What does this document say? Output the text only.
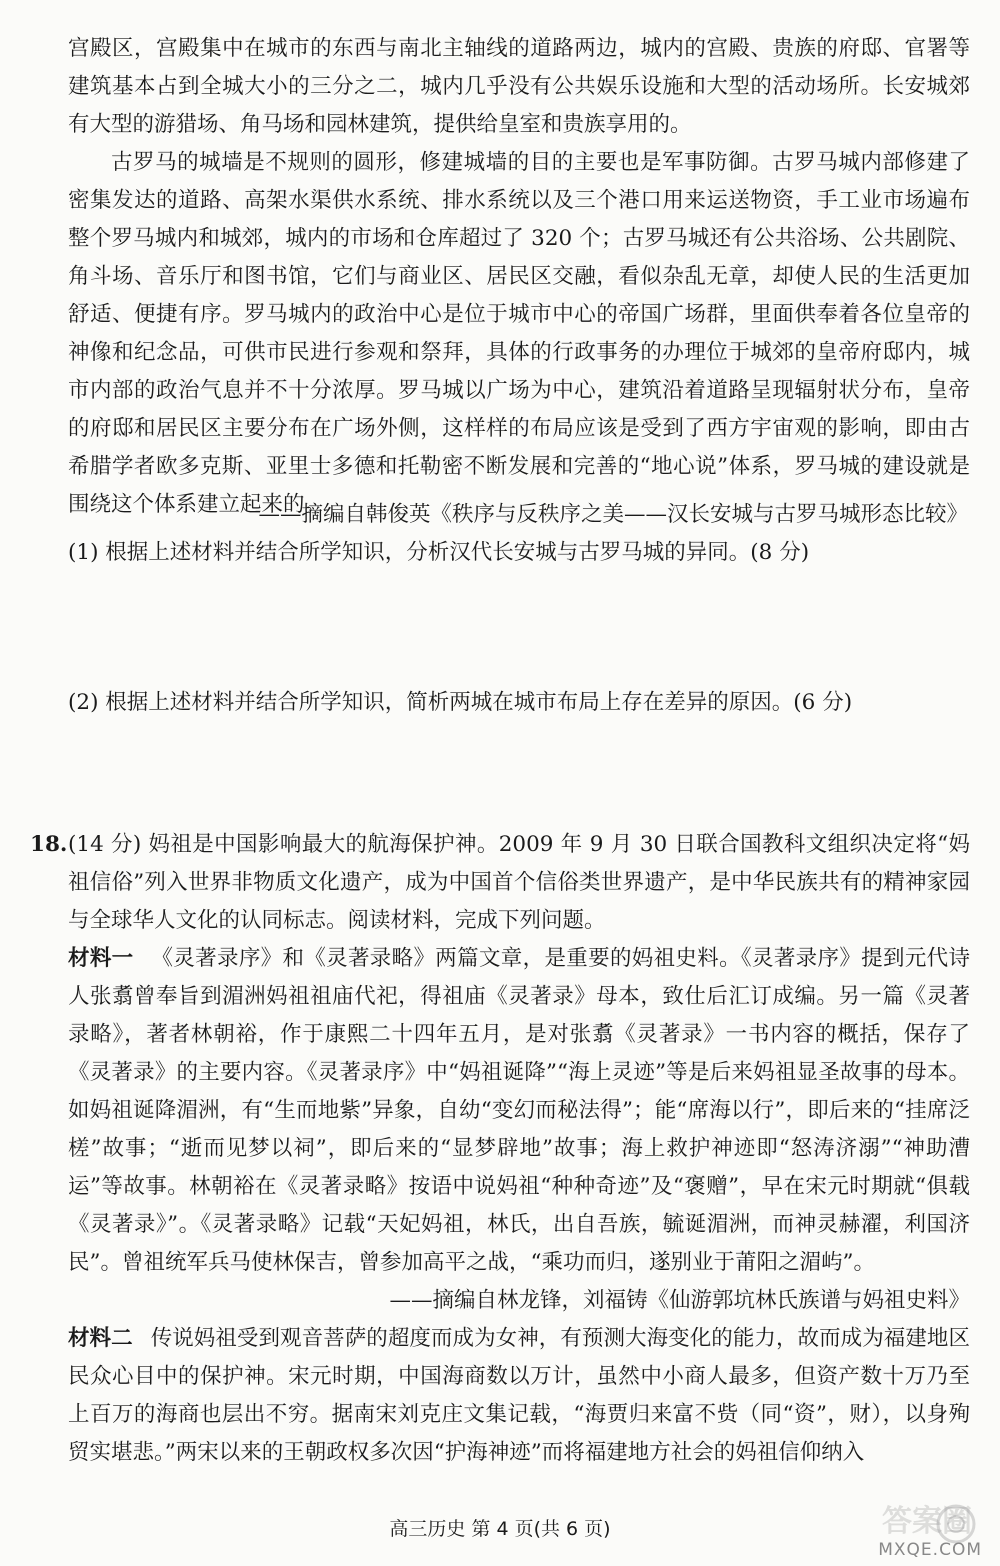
宫殿区，宫殿集中在城市的东西与南北主轴线的道路两边，城内的宫殿、贵族的府邸、官署等建筑基本占到全城大小的三分之二，城内几乎没有公共娱乐设施和大型的活动场所。长安城郊有大型的游猎场、角马场和园林建筑，提供给皇室和贵族享用的。
古罗马的城墙是不规则的圆形，修建城墙的目的主要也是军事防御。古罗马城内部修建了密集发达的道路、高架水渠供水系统、排水系统以及三个港口用来运送物资，手工业市场遍布整个罗马城内和城郊，城内的市场和仓库超过了 320 个；古罗马城还有公共浴场、公共剧院、角斗场、音乐厅和图书馆，它们与商业区、居民区交融，看似杂乱无章，却使人民的生活更加舒适、便捷有序。罗马城内的政治中心是位于城市中心的帝国广场群，里面供奉着各位皇帝的神像和纪念品，可供市民进行参观和祭拜，具体的行政事务的办理位于城郊的皇帝府邸内，城市内部的政治气息并不十分浓厚。罗马城以广场为中心，建筑沿着道路呈现辐射状分布，皇帝的府邸和居民区主要分布在广场外侧，这样样的布局应该是受到了西方宇宙观的影响，即由古希腊学者欧多克斯、亚里士多德和托勒密不断发展和完善的“地心说”体系，罗马城的建设就是围绕这个体系建立起来的。
——摘编自韩俊英《秩序与反秩序之美——汉长安城与古罗马城形态比较》
(1) 根据上述材料并结合所学知识，分析汉代长安城与古罗马城的异同。(8 分)
(2) 根据上述材料并结合所学知识，简析两城在城市布局上存在差异的原因。(6 分)
18. (14 分) 妈祖是中国影响最大的航海保护神。2009 年 9 月 30 日联合国教科文组织决定将“妈祖信俗”列入世界非物质文化遗产，成为中国首个信俗类世界遗产，是中华民族共有的精神家园与全球华人文化的认同标志。阅读材料，完成下列问题。
材料一 《灵著录序》和《灵著录略》两篇文章，是重要的妈祖史料。《灵著录序》提到元代诗人张翥曾奉旨到湄洲妈祖祖庙代祀，得祖庙《灵著录》母本，致仕后汇订成编。另一篇《灵著录略》，著者林朝裕，作于康熙二十四年五月，是对张翥《灵著录》一书内容的概括，保存了《灵著录》的主要内容。《灵著录序》中“妈祖诞降”“海上灵迹”等是后来妈祖显圣故事的母本。如妈祖诞降湄洲，有“生而地紫”异象，自幼“变幻而秘法得”；能“席海以行”，即后来的“挂席泛槎”故事；“逝而见梦以祠”，即后来的“显梦辟地”故事；海上救护神迹即“怒涛济溺”“神助漕运”等故事。林朝裕在《灵著录略》按语中说妈祖“种种奇迹”及“褒赠”，早在宋元时期就“俱载《灵著录》”。《灵著录略》记载“天妃妈祖，林氏，出自吾族，毓诞湄洲，而神灵赫濯，利国济民”。曾祖统军兵马使林保吉，曾参加高平之战，“乘功而归，遂别业于莆阳之湄屿”。
——摘编自林龙锋，刘福铸《仙游郭坑林氏族谱与妈祖史料》
材料二 传说妈祖受到观音菩萨的超度而成为女神，有预测大海变化的能力，故而成为福建地区民众心目中的保护神。宋元时期，中国海商数以万计，虽然中小商人最多，但资产数十万乃至上百万的海商也层出不穷。据南宋刘克庄文集记载，“海贾归来富不赀（同“资”，财），以身殉贸实堪悲。”两宋以来的王朝政权多次因“护海神迹”而将福建地方社会的妈祖信仰纳入
高三历史 第 4 页(共 6 页)	答案圈
MXQE.COM
